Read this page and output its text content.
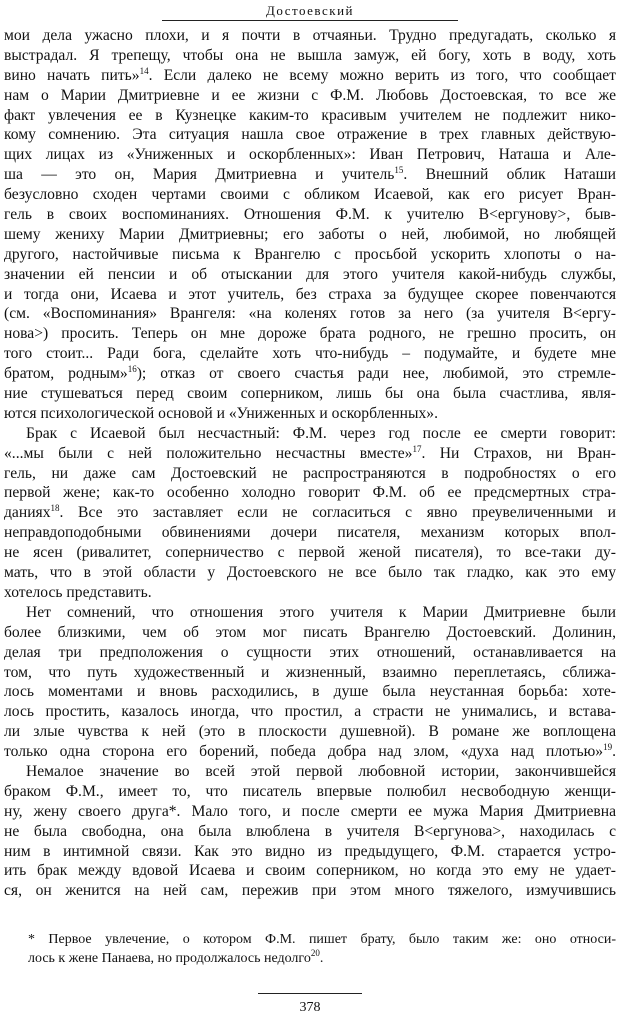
Достоевский
мои дела ужасно плохи, и я почти в отчаяньи. Трудно предугадать, сколько я
выстрадал. Я трепещу, чтобы она не вышла замуж, ей богу, хоть в воду, хоть
вино начать пить»$^{14}$. Если далеко не всему можно верить из того, что сообщает
нам о Марии Дмитриевне и ее жизни с Ф.М. Любовь Достоевская, то все же
факт увлечения ее в Кузнецке каким-то красивым учителем не подлежит нико-
кому сомнению. Эта ситуация нашла свое отражение в трех главных действую-
щих лицах из «Униженных и оскорбленных»: Иван Петрович, Наташа и Але-
ша — это он, Мария Дмитриевна и учитель$^{15}$. Внешний облик Наташи
безусловно сходен чертами своими с обликом Исаевой, как его рисует Вран-
гель в своих воспоминаниях. Отношения Ф.М. к учителю В<ергунову>, быв-
шему жениху Марии Дмитриевны; его заботы о ней, любимой, но любящей
другого, настойчивые письма к Врангелю с просьбой ускорить хлопоты о на-
значении ей пенсии и об отыскании для этого учителя какой-нибудь службы,
и тогда они, Исаева и этот учитель, без страха за будущее скорее повенчаются
(см. «Воспоминания» Врангеля: «на коленях готов за него (за учителя В<ергу-
нова>) просить. Теперь он мне дороже брата родного, не грешно просить, он
того стоит... Ради бога, сделайте хоть что-нибудь – подумайте, и будете мне
братом, родным»$^{16}$); отказ от своего счастья ради нее, любимой, это стремле-
ние стушеваться перед своим соперником, лишь бы она была счастлива, явля-
ются психологической основой и «Униженных и оскорбленных».
Брак с Исаевой был несчастный: Ф.М. через год после ее смерти говорит:
«...мы были с ней положительно несчастны вместе»$^{17}$. Ни Страхов, ни Вран-
гель, ни даже сам Достоевский не распространяются в подробностях о его
первой жене; как-то особенно холодно говорит Ф.М. об ее предсмертных стра-
даниях$^{18}$. Все это заставляет если не согласиться с явно преувеличенными и
неправдоподобными обвинениями дочери писателя, механизм которых впол-
не ясен (ривалитет, соперничество с первой женой писателя), то все-таки ду-
мать, что в этой области у Достоевского не все было так гладко, как это ему
хотелось представить.
Нет сомнений, что отношения этого учителя к Марии Дмитриевне были
более близкими, чем об этом мог писать Врангелю Достоевский. Долинин,
делая три предположения о сущности этих отношений, останавливается на
том, что путь художественный и жизненный, взаимно переплетаясь, сближа-
лось моментами и вновь расходились, в душе была неустанная борьба: хоте-
лось простить, казалось иногда, что простил, а страсти не унимались, и встава-
ли злые чувства к ней (это в плоскости душевной). В романе же воплощена
только одна сторона его борений, победа добра над злом, «духа над плотью»$^{19}$.
Немалое значение во всей этой первой любовной истории, закончившейся
браком Ф.М., имеет то, что писатель впервые полюбил несвободную женщи-
ну, жену своего друга*. Мало того, и после смерти ее мужа Мария Дмитриевна
не была свободна, она была влюблена в учителя В<ергунова>, находилась с
ним в интимной связи. Как это видно из предыдущего, Ф.М. старается устро-
ить брак между вдовой Исаева и своим соперником, но когда это ему не удает-
ся, он женится на ней сам, пережив при этом много тяжелого, измучившись
* Первое увлечение, о котором Ф.М. пишет брату, было таким же: оно относи-
лось к жене Панаева, но продолжалось недолго$^{20}$.
378
